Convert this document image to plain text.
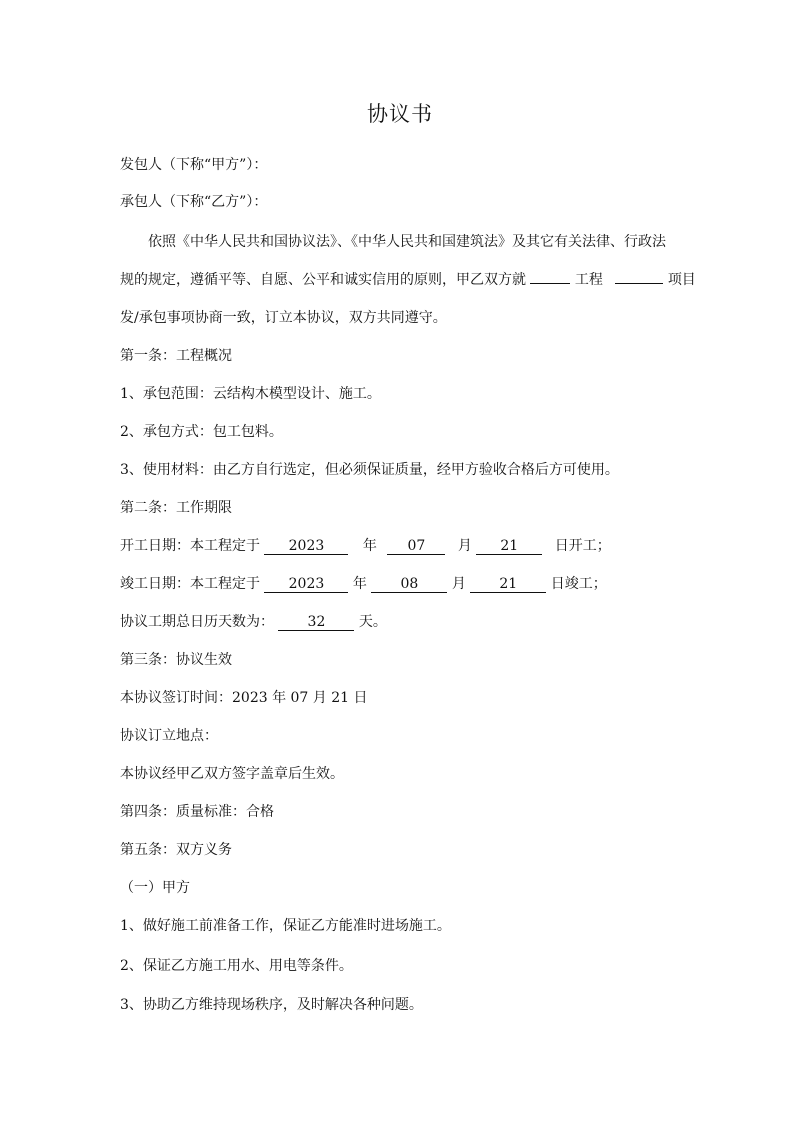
协议书
发包人（下称“甲方”）：
承包人（下称“乙方”）：
依照《中华人民共和国协议法》、《中华人民共和国建筑法》及其它有关法律、行政法
规的规定，遵循平等、自愿、公平和诚实信用的原则，甲乙双方就	工程	项目
发/承包事项协商一致，订立本协议，双方共同遵守。
第一条：工程概况
1、承包范围：云结构木模型设计、施工。
2、承包方式：包工包料。
3、使用材料：由乙方自行选定，但必须保证质量，经甲方验收合格后方可使用。
第二条：工作期限
开工日期：本工程定于 2023	年 07 月 21	日开工；
竣工日期：本工程定于 2023 年 08 月 21 日竣工；
协议工期总日历天数为： 32 天。
第三条：协议生效
本协议签订时间：2023 年 07 月 21 日
协议订立地点：
本协议经甲乙双方签字盖章后生效。
第四条：质量标准：合格
第五条：双方义务
（一）甲方
1、做好施工前准备工作，保证乙方能准时进场施工。
2、保证乙方施工用水、用电等条件。
3、协助乙方维持现场秩序，及时解决各种问题。
